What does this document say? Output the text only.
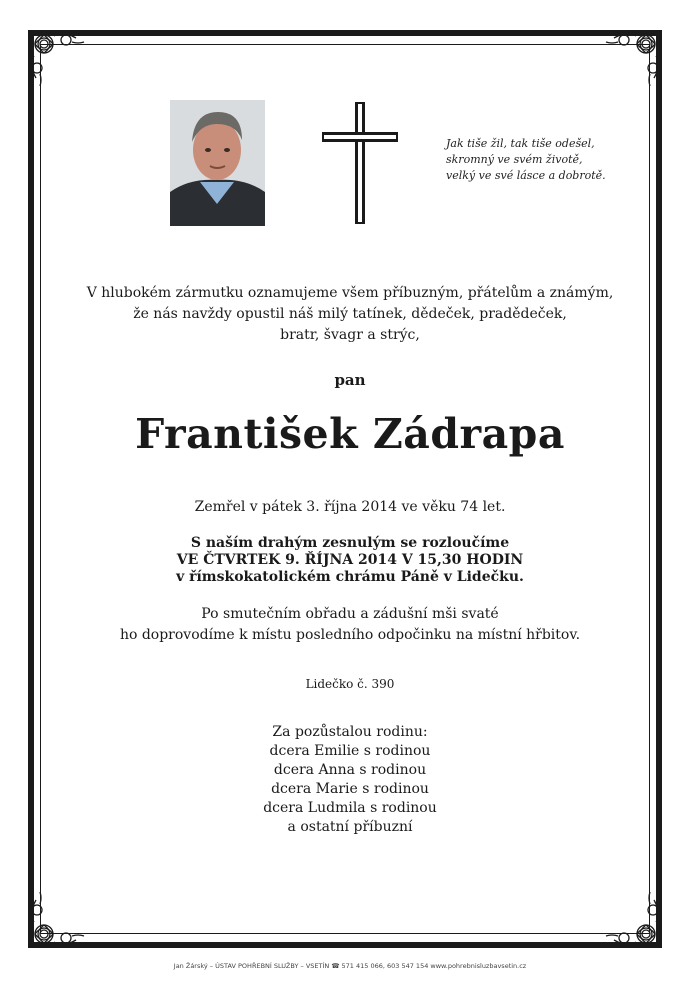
Jak tiše žil, tak tiše odešel,
skromný ve svém životě,
velký ve své lásce a dobrotě.
V hlubokém zármutku oznamujeme všem příbuzným, přátelům a známým,
že nás navždy opustil náš milý tatínek, dědeček, pradědeček,
bratr, švagr a strýc,
pan
František Zádrapa
Zemřel v pátek 3. října 2014 ve věku 74 let.
S naším drahým zesnulým se rozloučíme
VE ČTVRTEK 9. ŘÍJNA 2014 V 15,30 HODIN
v římskokatolickém chrámu Páně v Lidečku.
Po smutečním obřadu a zádušní mši svaté
ho doprovodíme k místu posledního odpočinku na místní hřbitov.
Lidečko č. 390
Za pozůstalou rodinu:
dcera Emilie s rodinou
dcera Anna s rodinou
dcera Marie s rodinou
dcera Ludmila s rodinou
a ostatní příbuzní
Jan Žárský – ÚSTAV POHŘEBNÍ SLUŽBY – VSETÍN ☎ 571 415 066, 603 547 154 www.pohrebnisluzbavsetin.cz
